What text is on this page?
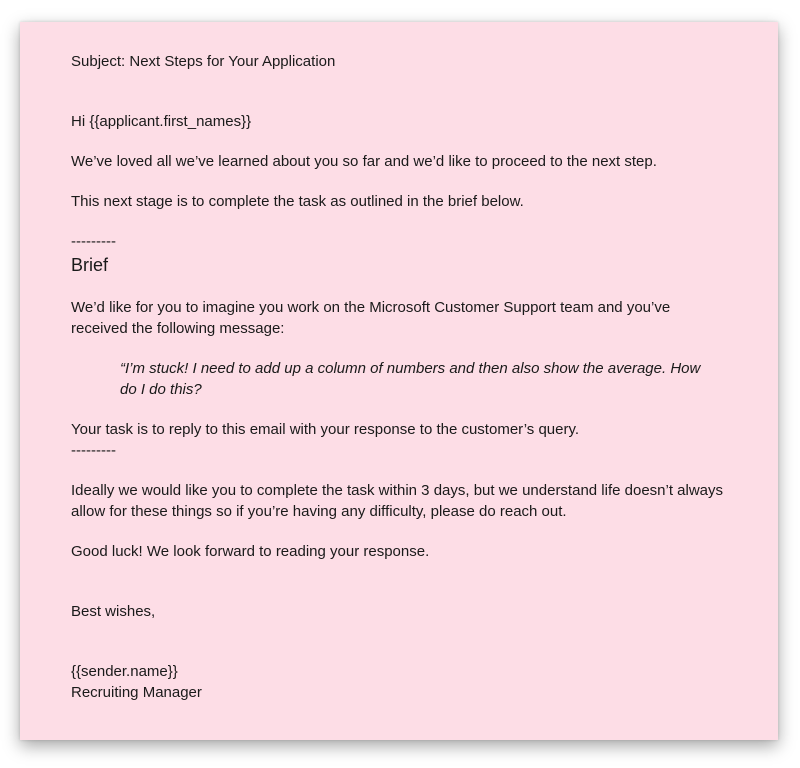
Subject: Next Steps for Your Application

Hi {{applicant.first_names}}

We’ve loved all we’ve learned about you so far and we’d like to proceed to the next step.

This next stage is to complete the task as outlined in the brief below.

---------

Brief

We’d like for you to imagine you work on the Microsoft Customer Support team and you’ve received the following message:

“I’m stuck! I need to add up a column of numbers and then also show the average. How do I do this?

Your task is to reply to this email with your response to the customer’s query.

---------

Ideally we would like you to complete the task within 3 days, but we understand life doesn’t always allow for these things so if you’re having any difficulty, please do reach out.

Good luck! We look forward to reading your response.

Best wishes,

{{sender.name}}

Recruiting Manager
